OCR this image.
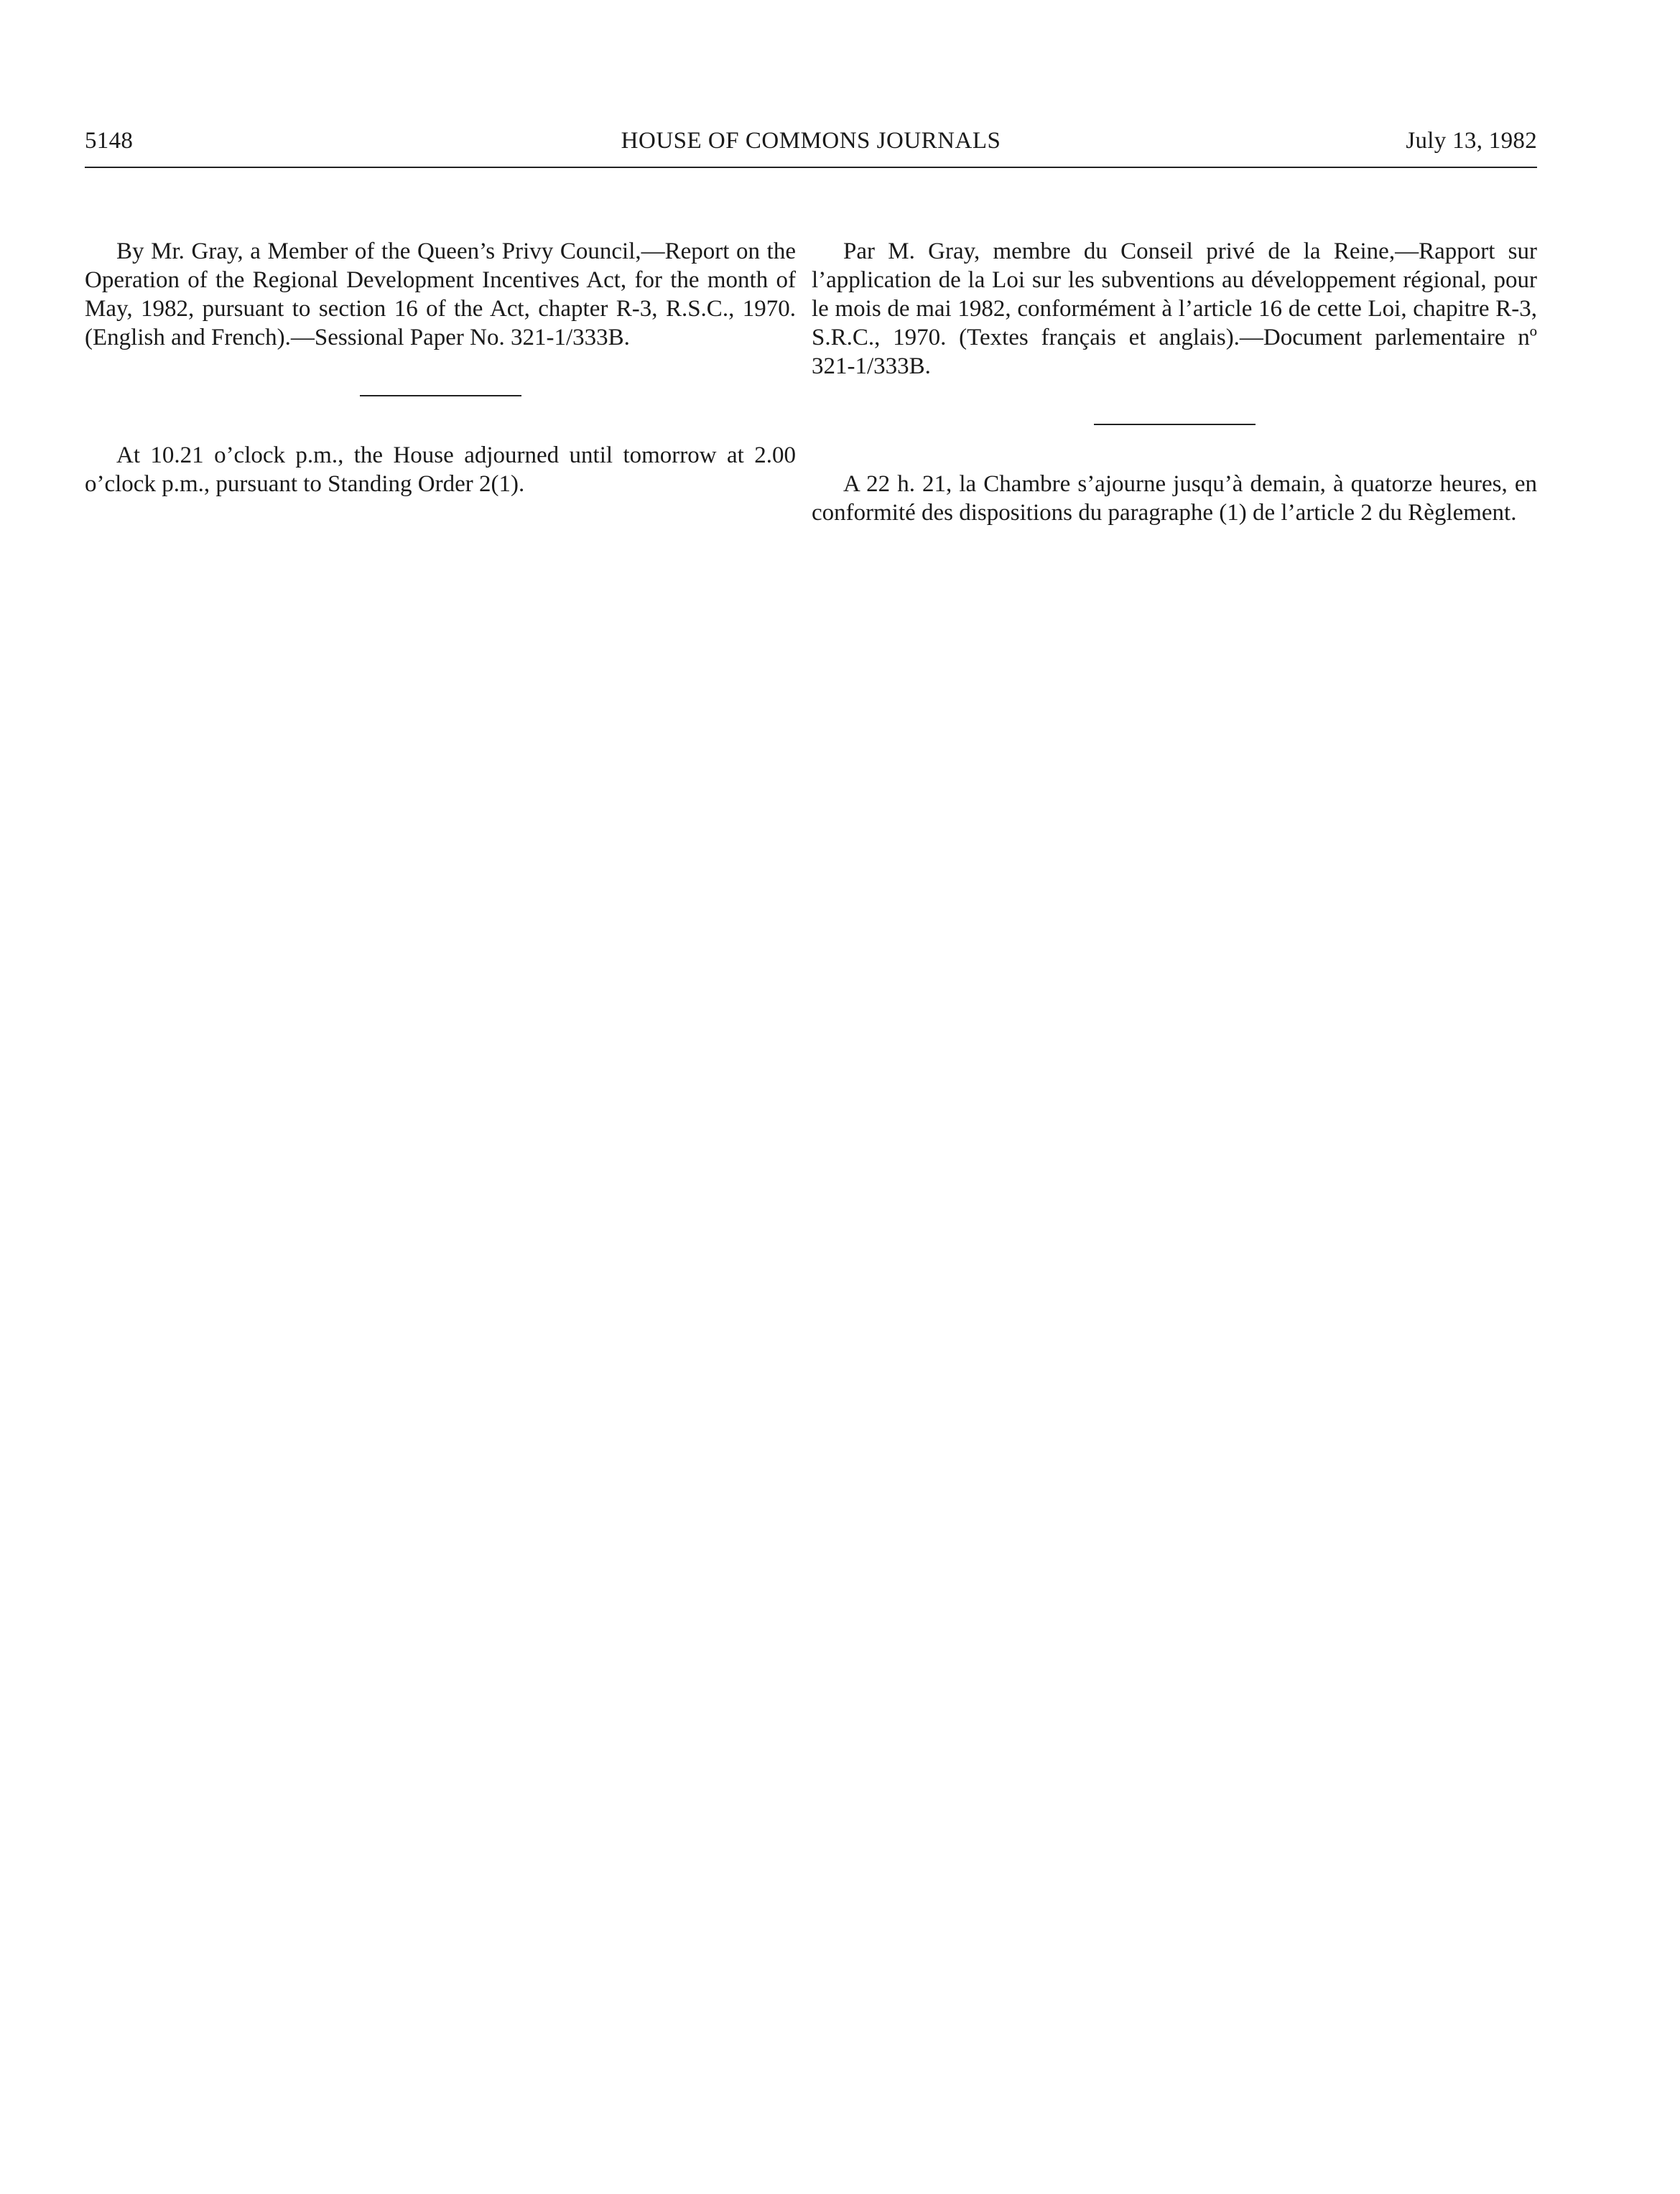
5148	HOUSE OF COMMONS JOURNALS	July 13, 1982

By Mr. Gray, a Member of the Queen’s Privy Council,—Report on the Operation of the Regional Development Incentives Act, for the month of May, 1982, pursuant to section 16 of the Act, chapter R-3, R.S.C., 1970. (English and French).—Sessional Paper No. 321-1/333B.

At 10.21 o’clock p.m., the House adjourned until tomorrow at 2.00 o’clock p.m., pursuant to Standing Order 2(1).

Par M. Gray, membre du Conseil privé de la Reine,—Rapport sur l’application de la Loi sur les subventions au développement régional, pour le mois de mai 1982, conformément à l’article 16 de cette Loi, chapitre R-3, S.R.C., 1970. (Textes français et anglais).—Document parlementaire nº 321-1/333B.

A 22 h. 21, la Chambre s’ajourne jusqu’à demain, à quatorze heures, en conformité des dispositions du paragraphe (1) de l’article 2 du Règlement.
